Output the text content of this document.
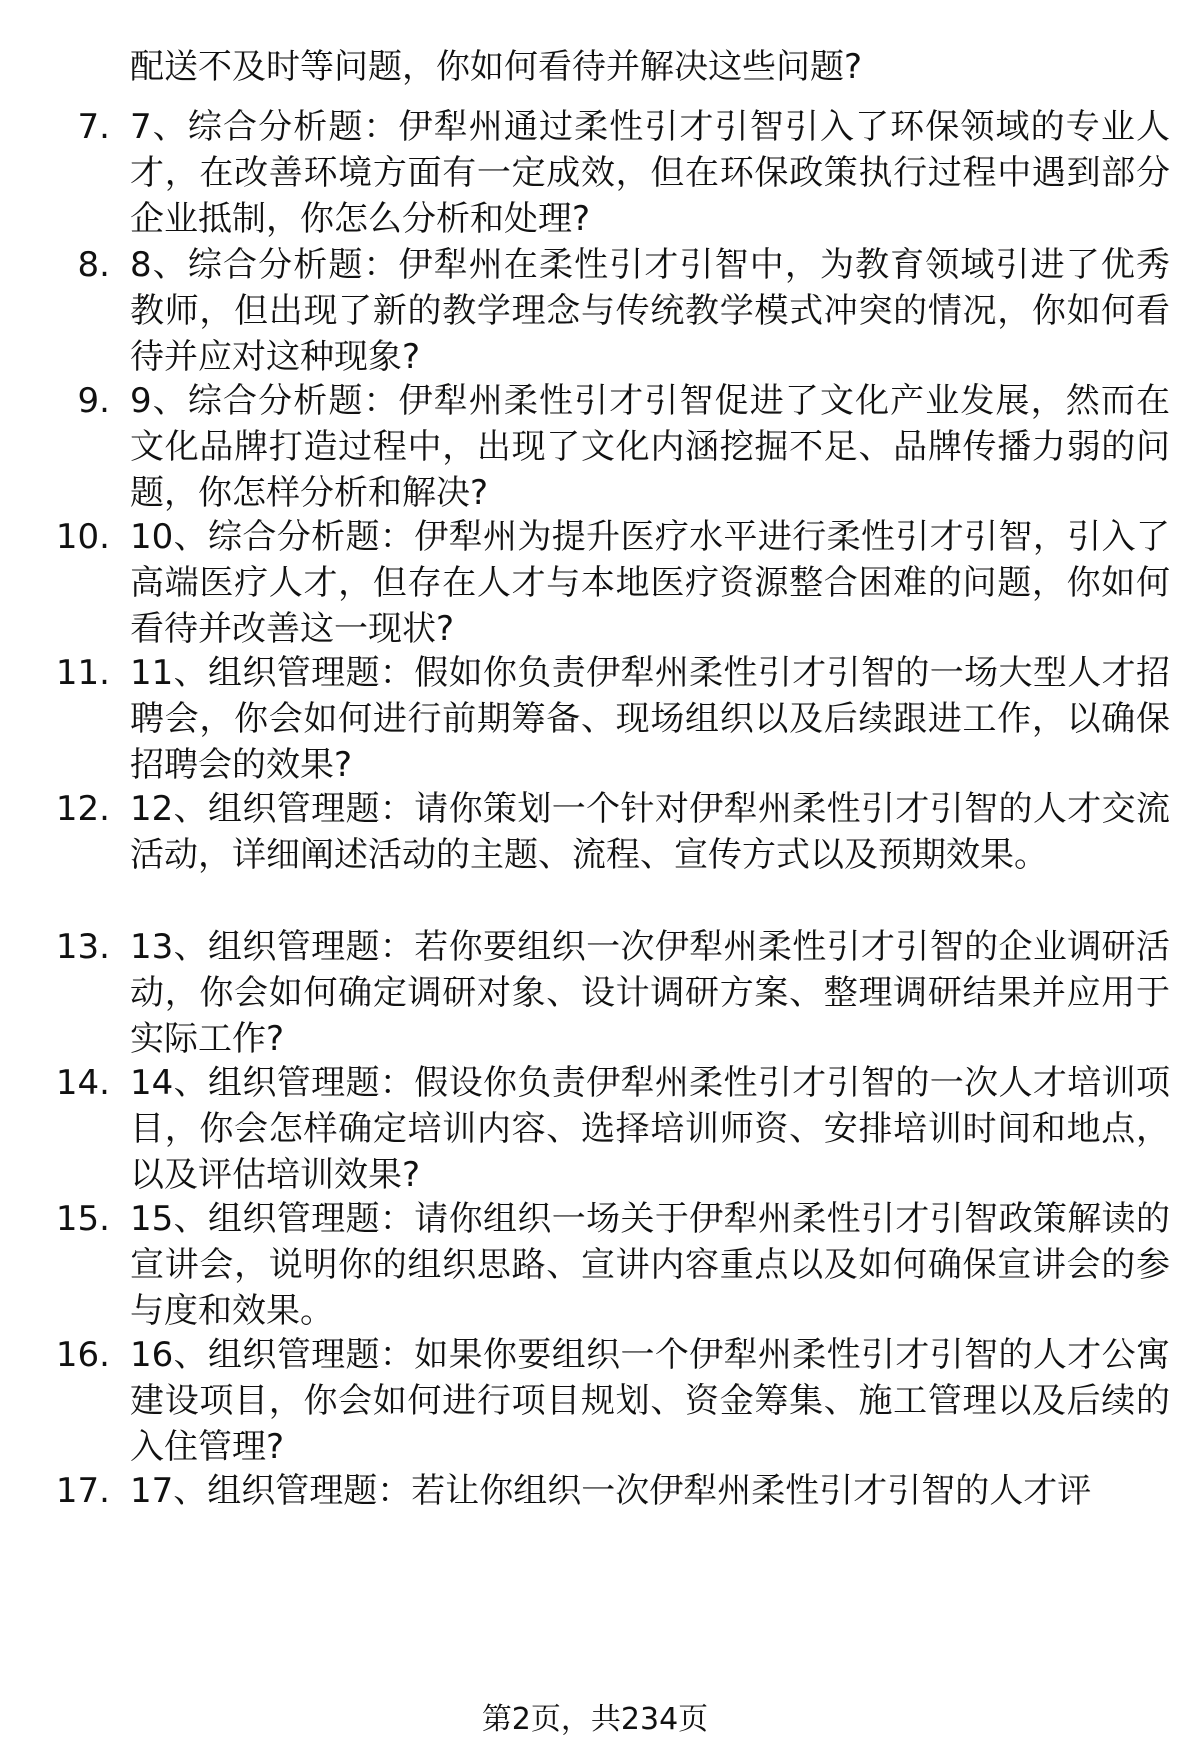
配送不及时等问题，你如何看待并解决这些问题?
7. 7、综合分析题：伊犁州通过柔性引才引智引入了环保领域的专业人才，在改善环境方面有一定成效，但在环保政策执行过程中遇到部分企业抵制，你怎么分析和处理?
8. 8、综合分析题：伊犁州在柔性引才引智中，为教育领域引进了优秀教师，但出现了新的教学理念与传统教学模式冲突的情况，你如何看待并应对这种现象?
9. 9、综合分析题：伊犁州柔性引才引智促进了文化产业发展，然而在文化品牌打造过程中，出现了文化内涵挖掘不足、品牌传播力弱的问题，你怎样分析和解决?
10. 10、综合分析题：伊犁州为提升医疗水平进行柔性引才引智，引入了高端医疗人才，但存在人才与本地医疗资源整合困难的问题，你如何看待并改善这一现状?
11. 11、组织管理题：假如你负责伊犁州柔性引才引智的一场大型人才招聘会，你会如何进行前期筹备、现场组织以及后续跟进工作，以确保招聘会的效果?
12. 12、组织管理题：请你策划一个针对伊犁州柔性引才引智的人才交流活动，详细阐述活动的主题、流程、宣传方式以及预期效果。
13. 13、组织管理题：若你要组织一次伊犁州柔性引才引智的企业调研活动，你会如何确定调研对象、设计调研方案、整理调研结果并应用于实际工作?
14. 14、组织管理题：假设你负责伊犁州柔性引才引智的一次人才培训项目，你会怎样确定培训内容、选择培训师资、安排培训时间和地点，以及评估培训效果?
15. 15、组织管理题：请你组织一场关于伊犁州柔性引才引智政策解读的宣讲会，说明你的组织思路、宣讲内容重点以及如何确保宣讲会的参与度和效果。
16. 16、组织管理题：如果你要组织一个伊犁州柔性引才引智的人才公寓建设项目，你会如何进行项目规划、资金筹集、施工管理以及后续的入住管理?
17. 17、组织管理题：若让你组织一次伊犁州柔性引才引智的人才评
第2页，共234页
